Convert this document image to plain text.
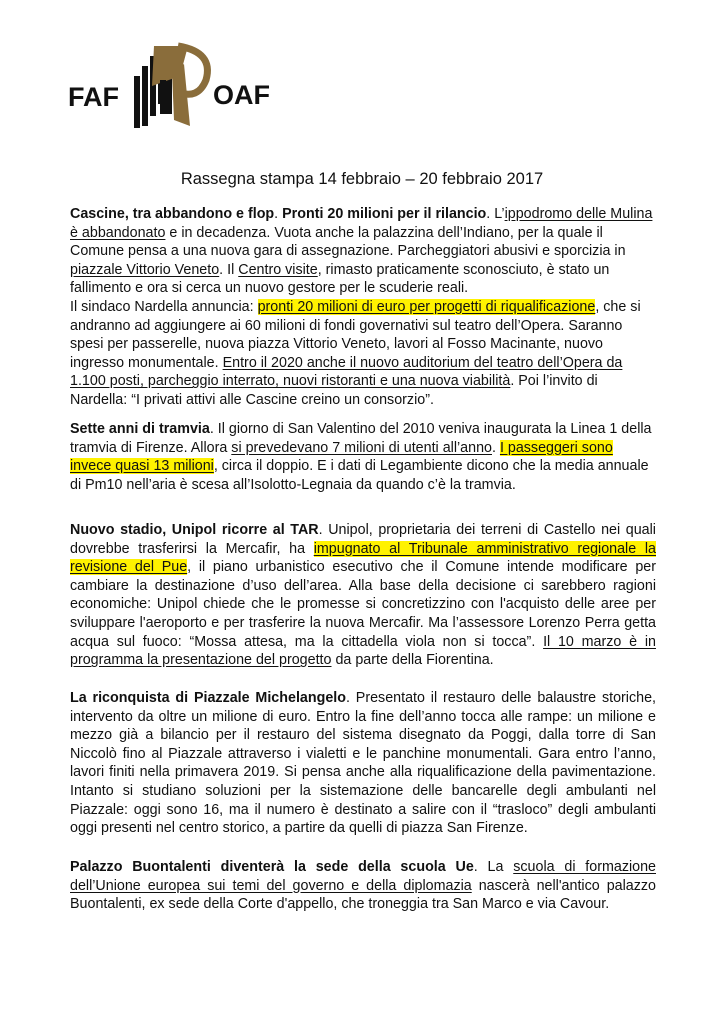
FAF	OAF
Rassegna stampa 14 febbraio – 20 febbraio 2017

Cascine, tra abbandono e flop. Pronti 20 milioni per il rilancio. L’ippodromo delle Mulina è abbandonato e in decadenza. Vuota anche la palazzina dell’Indiano, per la quale il Comune pensa a una nuova gara di assegnazione. Parcheggiatori abusivi e sporcizia in piazzale Vittorio Veneto. Il Centro visite, rimasto praticamente sconosciuto, è stato un fallimento e ora si cerca un nuovo gestore per le scuderie reali.
Il sindaco Nardella annuncia: pronti 20 milioni di euro per progetti di riqualificazione, che si andranno ad aggiungere ai 60 milioni di fondi governativi sul teatro dell’Opera. Saranno spesi per passerelle, nuova piazza Vittorio Veneto, lavori al Fosso Macinante, nuovo ingresso monumentale. Entro il 2020 anche il nuovo auditorium del teatro dell’Opera da 1.100 posti, parcheggio interrato, nuovi ristoranti e una nuova viabilità. Poi l’invito di Nardella: “I privati attivi alle Cascine creino un consorzio”.

Sette anni di tramvia. Il giorno di San Valentino del 2010 veniva inaugurata la Linea 1 della tramvia di Firenze. Allora si prevedevano 7 milioni di utenti all’anno. I passeggeri sono invece quasi 13 milioni, circa il doppio. E i dati di Legambiente dicono che la media annuale di Pm10 nell’aria è scesa all’Isolotto-Legnaia da quando c’è la tramvia.

Nuovo stadio, Unipol ricorre al TAR. Unipol, proprietaria dei terreni di Castello nei quali dovrebbe trasferirsi la Mercafir, ha impugnato al Tribunale amministrativo regionale la revisione del Pue, il piano urbanistico esecutivo che il Comune intende modificare per cambiare la destinazione d’uso dell’area. Alla base della decisione ci sarebbero ragioni economiche: Unipol chiede che le promesse si concretizzino con l'acquisto delle aree per sviluppare l'aeroporto e per trasferire la nuova Mercafir. Ma l’assessore Lorenzo Perra getta acqua sul fuoco: “Mossa attesa, ma la cittadella viola non si tocca”. Il 10 marzo è in programma la presentazione del progetto da parte della Fiorentina.

La riconquista di Piazzale Michelangelo. Presentato il restauro delle balaustre storiche, intervento da oltre un milione di euro. Entro la fine dell’anno tocca alle rampe: un milione e mezzo già a bilancio per il restauro del sistema disegnato da Poggi, dalla torre di San Niccolò fino al Piazzale attraverso i vialetti e le panchine monumentali. Gara entro l’anno, lavori finiti nella primavera 2019. Si pensa anche alla riqualificazione della pavimentazione. Intanto si studiano soluzioni per la sistemazione delle bancarelle degli ambulanti nel Piazzale: oggi sono 16, ma il numero è destinato a salire con il “trasloco” degli ambulanti oggi presenti nel centro storico, a partire da quelli di piazza San Firenze.

Palazzo Buontalenti diventerà la sede della scuola Ue. La scuola di formazione dell’Unione europea sui temi del governo e della diplomazia nascerà nell'antico palazzo Buontalenti, ex sede della Corte d'appello, che troneggia tra San Marco e via Cavour.
